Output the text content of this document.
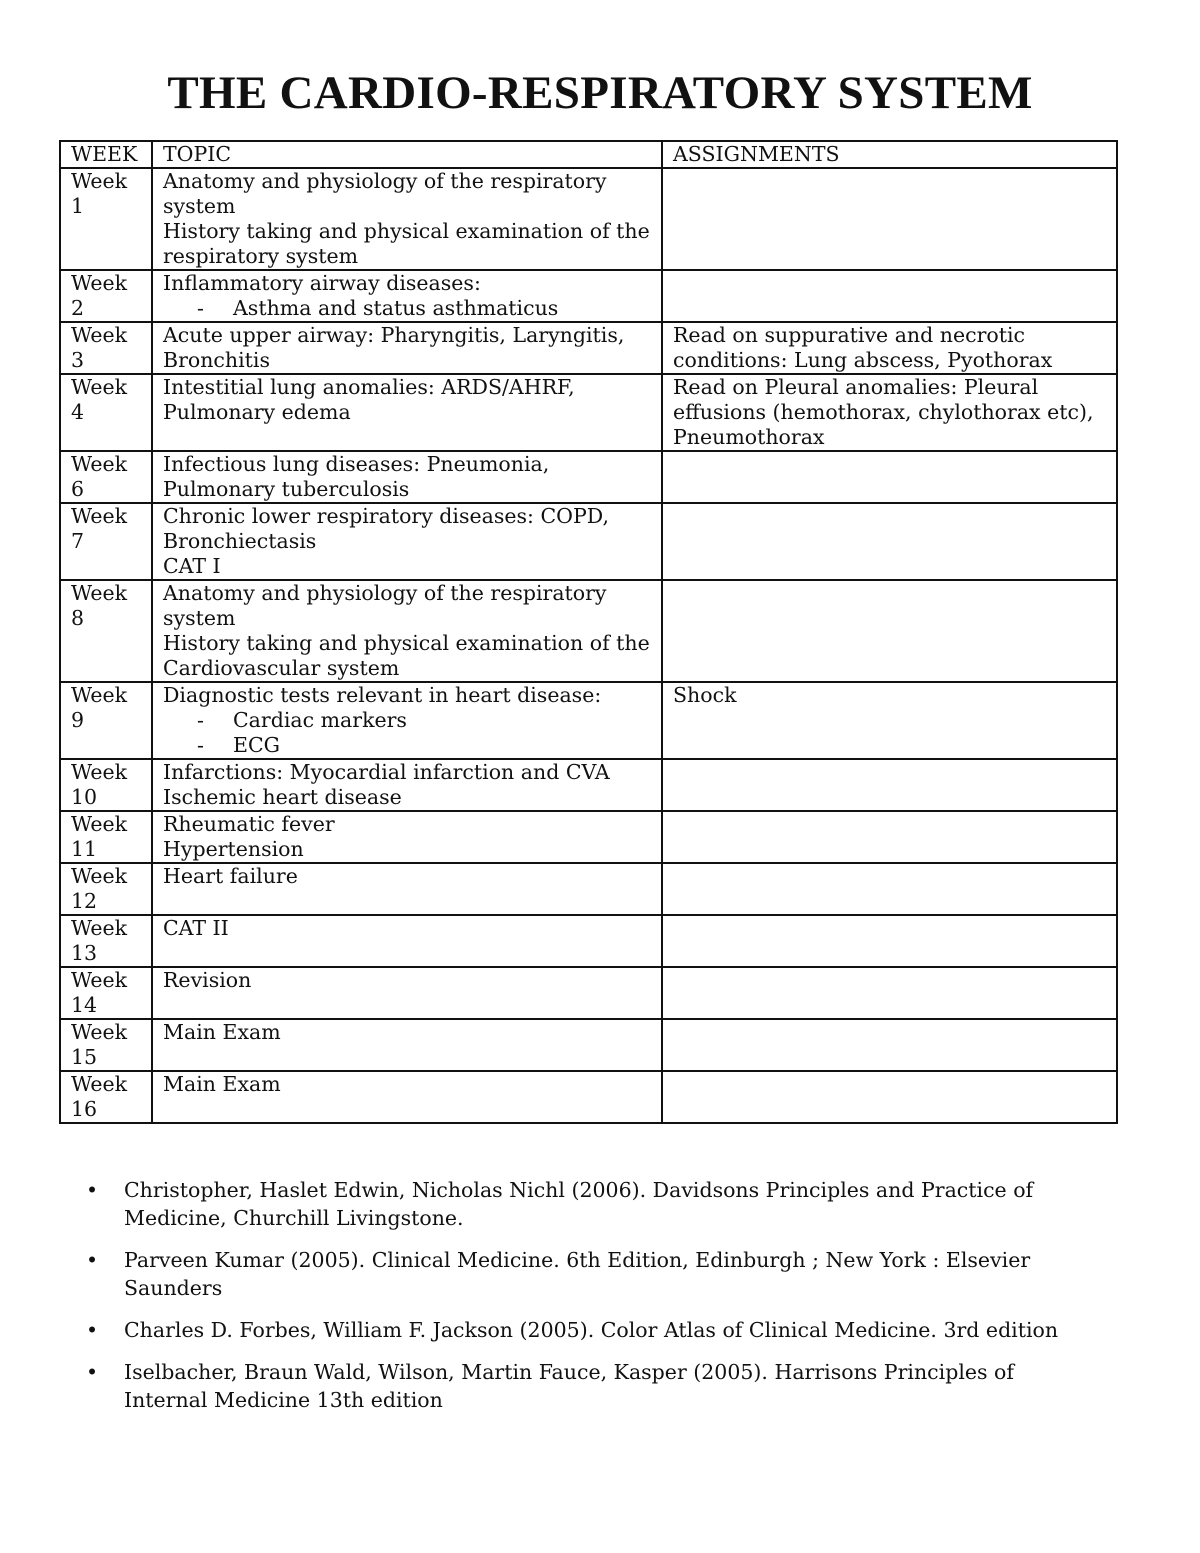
THE CARDIO-RESPIRATORY SYSTEM
WEEK	TOPIC	ASSIGNMENTS
Week 1	Anatomy and physiology of the respiratory system
History taking and physical examination of the respiratory system	

Week 2	Inflammatory airway diseases:
- Asthma and status asthmaticus	

Week 3	Acute upper airway: Pharyngitis, Laryngitis, Bronchitis	Read on suppurative and necrotic conditions: Lung abscess, Pyothorax
Week 4	Intestitial lung anomalies: ARDS/AHRF, Pulmonary edema	Read on Pleural anomalies: Pleural effusions (hemothorax, chylothorax etc), Pneumothorax
Week 6	Infectious lung diseases: Pneumonia, Pulmonary tuberculosis	

Week 7	Chronic lower respiratory diseases: COPD, Bronchiectasis
CAT I	

Week 8	Anatomy and physiology of the respiratory system
History taking and physical examination of the Cardiovascular system	

Week 9	Diagnostic tests relevant in heart disease:
- Cardiac markers
- ECG	Shock
Week 10	Infarctions: Myocardial infarction and CVA
Ischemic heart disease	

Week 11	Rheumatic fever
Hypertension	

Week 12	Heart failure	

Week 13	CAT II	

Week 14	Revision	

Week 15	Main Exam	

Week 16	Main Exam	

• Christopher, Haslet Edwin, Nicholas Nichl (2006). Davidsons Principles and Practice of Medicine, Churchill Livingstone.
• Parveen Kumar (2005). Clinical Medicine. 6th Edition, Edinburgh ; New York : Elsevier Saunders
• Charles D. Forbes, William F. Jackson (2005). Color Atlas of Clinical Medicine. 3rd edition
• Iselbacher, Braun Wald, Wilson, Martin Fauce, Kasper (2005). Harrisons Principles of Internal Medicine 13th edition
